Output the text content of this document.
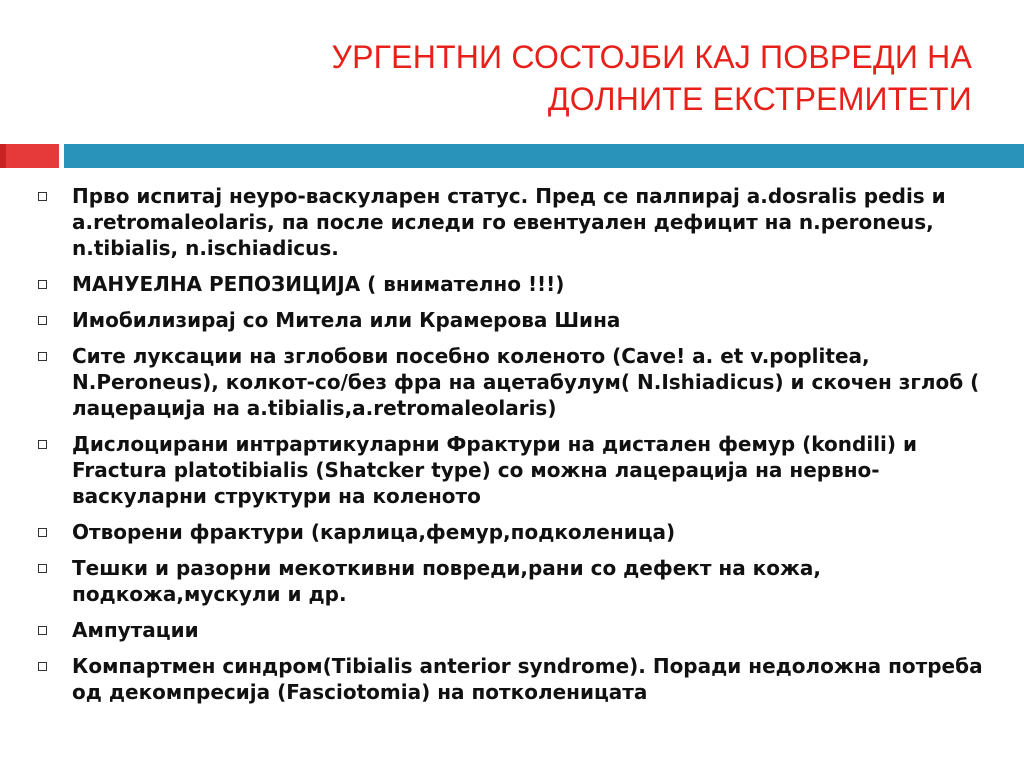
УРГЕНТНИ СОСТОЈБИ КАЈ ПОВРЕДИ НА
ДОЛНИТЕ ЕКСТРЕМИТЕТИ
Прво испитај неуро-васкуларен статус. Пред се палпирај a.dosralis pedis и a.retromaleolaris, па после иследи го евентуален дефицит на n.peroneus, n.tibialis, n.ischiadicus.
МАНУЕЛНА РЕПОЗИЦИЈА ( внимателно !!!)
Имобилизирај со Мителa или Крамерова Шина
Сите луксации на зглобови посебно коленото (Cave! a. et v.poplitea, N.Peroneus), колкот-со/без фра на ацетабулум( N.Ishiadicus) и скочен зглоб ( лацерација на a.tibialis,a.retromaleolaris)
Дислоцирани интрартикуларни Фрактури на дистален фемур (kondili) и Fractura platotibialis (Shatcker type) со можна лацерација на нервно-васкуларни структури на коленото
Отворени фрактури (карлица,фемур,подколеница)
Тешки и разорни мекоткивни повреди,рани со дефект на кожа, подкожа,мускули и др.
Ампутации
Компартмен синдром(Tibialis anterior syndrome). Поради недоложна потреба од декомпресија (Fasciotomia) на потколеницата
